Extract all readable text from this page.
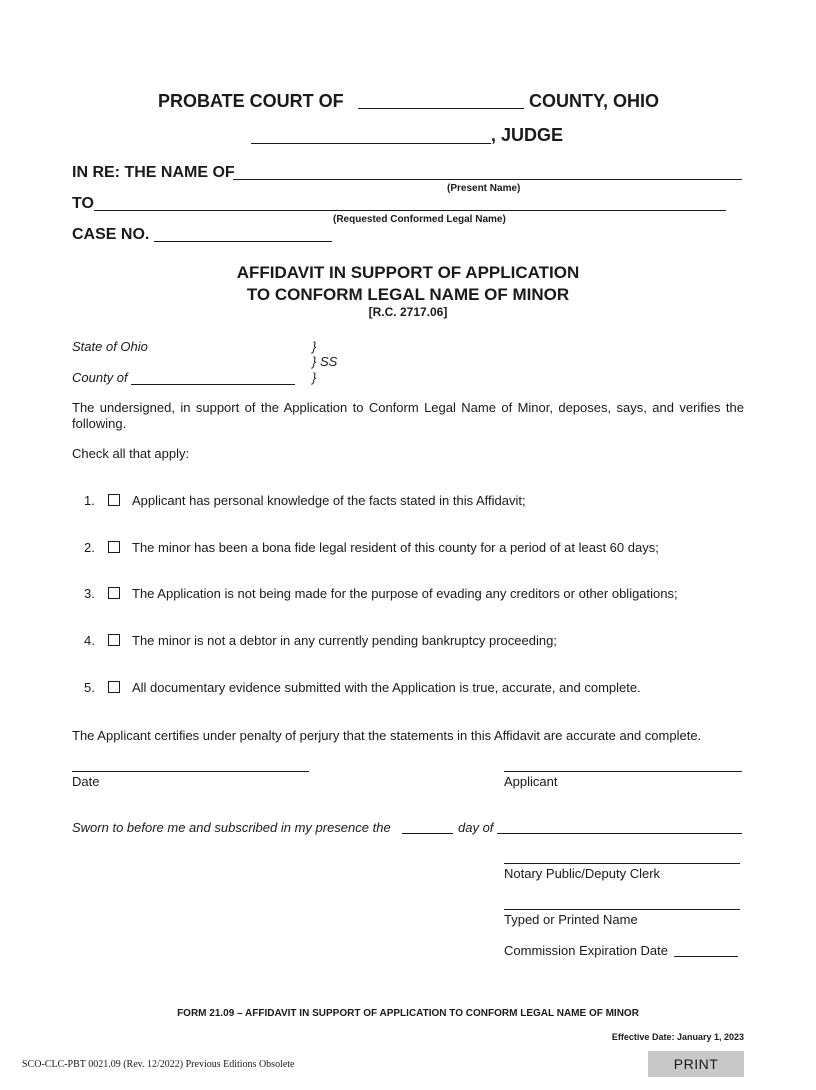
PROBATE COURT OF	COUNTY, OHIO
, JUDGE
IN RE: THE NAME OF
(Present Name)
TO
(Requested Conformed Legal Name)
CASE NO.
AFFIDAVIT IN SUPPORT OF APPLICATION
TO CONFORM LEGAL NAME OF MINOR
[R.C. 2717.06]
State of Ohio	}
} SS
County of	}
The undersigned, in support of the Application to Conform Legal Name of Minor, deposes, says, and verifies the following.
Check all that apply:
1.	Applicant has personal knowledge of the facts stated in this Affidavit;
2.	The minor has been a bona fide legal resident of this county for a period of at least 60 days;
3.	The Application is not being made for the purpose of evading any creditors or other obligations;
4.	The minor is not a debtor in any currently pending bankruptcy proceeding;
5.	All documentary evidence submitted with the Application is true, accurate, and complete.
The Applicant certifies under penalty of perjury that the statements in this Affidavit are accurate and complete.
Date	Applicant
Sworn to before me and subscribed in my presence the	day of
Notary Public/Deputy Clerk
Typed or Printed Name
Commission Expiration Date
FORM 21.09 – AFFIDAVIT IN SUPPORT OF APPLICATION TO CONFORM LEGAL NAME OF MINOR
Effective Date: January 1, 2023
SCO-CLC-PBT 0021.09 (Rev. 12/2022) Previous Editions Obsolete	PRINT
